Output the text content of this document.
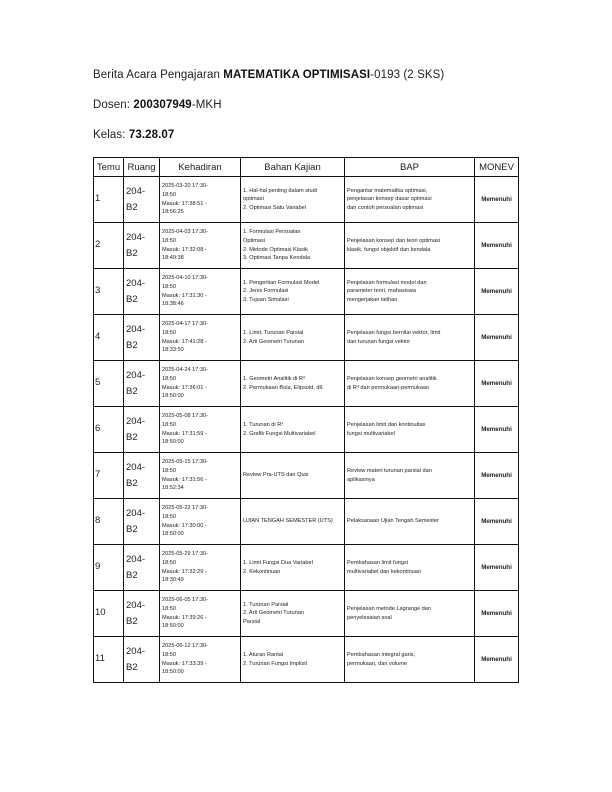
Berita Acara Pengajaran MATEMATIKA OPTIMISASI-0193 (2 SKS)
Dosen: 200307949-MKH
Kelas: 73.28.07
Temu	Ruang	Kehadiran	Bahan Kajian	BAP	MONEV
1	204-
B2	2025-03-20 17:30-
18:50
Masuk: 17:38:51 -
18:56:25	1. Hal-hal penting dalam studi
optimasi
2. Optimasi Satu Variabel	Pengantar matematika optimasi,
penjelasan konsep dasar optimasi
dan contoh persoalan optimasi	Memenuhi
2	204-
B2	2025-04-03 17:30-
18:50
Masuk: 17:32:08 -
18:49:38	1. Formulasi Persoalan
Optimasi
2. Metode Optimasi Klasik
3. Optimasi Tanpa Kendala	Penjelasan konsep dan teori optimasi
klasik, fungsi objektif dan kendala	Memenuhi
3	204-
B2	2025-04-10 17:30-
18:50
Masuk: 17:31:30 -
18:38:46	1. Pengertian Formulasi Model
2. Jenis Formulasi
3. Tujuan Simulasi	Penjelasan formulasi model dan
parameter teori, mahasiswa
mengerjakan latihan	Memenuhi
4	204-
B2	2025-04-17 17:30-
18:50
Masuk: 17:41:28 -
18:33:50	1. Limit, Turunan Parsial
2. Arti Geometri Turunan	Penjelasan fungsi bernilai vektor, limit
dan turunan fungsi vektor	Memenuhi
5	204-
B2	2025-04-24 17:30-
18:50
Masuk: 17:36:01 -
18:50:00	1. Geometri Analitik di R³
2. Permukaan Bola, Elipsoid, dll.	Penjelasan konsep geometri analitik
di R³ dan permukaan-permukaan	Memenuhi
6	204-
B2	2025-05-08 17:30-
18:50
Masuk: 17:31:59 -
18:50:00	1. Turunan di R³
2. Grafik Fungsi Multivariabel	Penjelasan limit dan kontinuitas
fungsi multivariabel	Memenuhi
7	204-
B2	2025-05-15 17:30-
18:50
Masuk: 17:31:56 -
18:52:34	Review Pra-UTS dan Quiz	Review materi turunan parsial dan
aplikasinya	Memenuhi
8	204-
B2	2025-05-22 17:30-
18:50
Masuk: 17:30:00 -
18:50:00	UJIAN TENGAH SEMESTER (UTS)	Pelaksanaan Ujian Tengah Semester	Memenuhi
9	204-
B2	2025-05-29 17:30-
18:50
Masuk: 17:32:29 -
18:30:49	1. Limit Fungsi Dua Variabel
2. Kekontinuan	Pembahasan limit fungsi
multivariabel dan kekontinuan	Memenuhi
10	204-
B2	2025-06-05 17:30-
18:50
Masuk: 17:39:26 -
18:50:00	1. Turunan Parsial
2. Arti Geometri Turunan
Parsial	Penjelasan metode Lagrange dan
penyelesaian soal	Memenuhi
11	204-
B2	2025-06-12 17:30-
18:50
Masuk: 17:33:39 -
18:50:00	1. Aturan Rantai
2. Turunan Fungsi Implisit	Pembahasan integral garis,
permukaan, dan volume	Memenuhi
